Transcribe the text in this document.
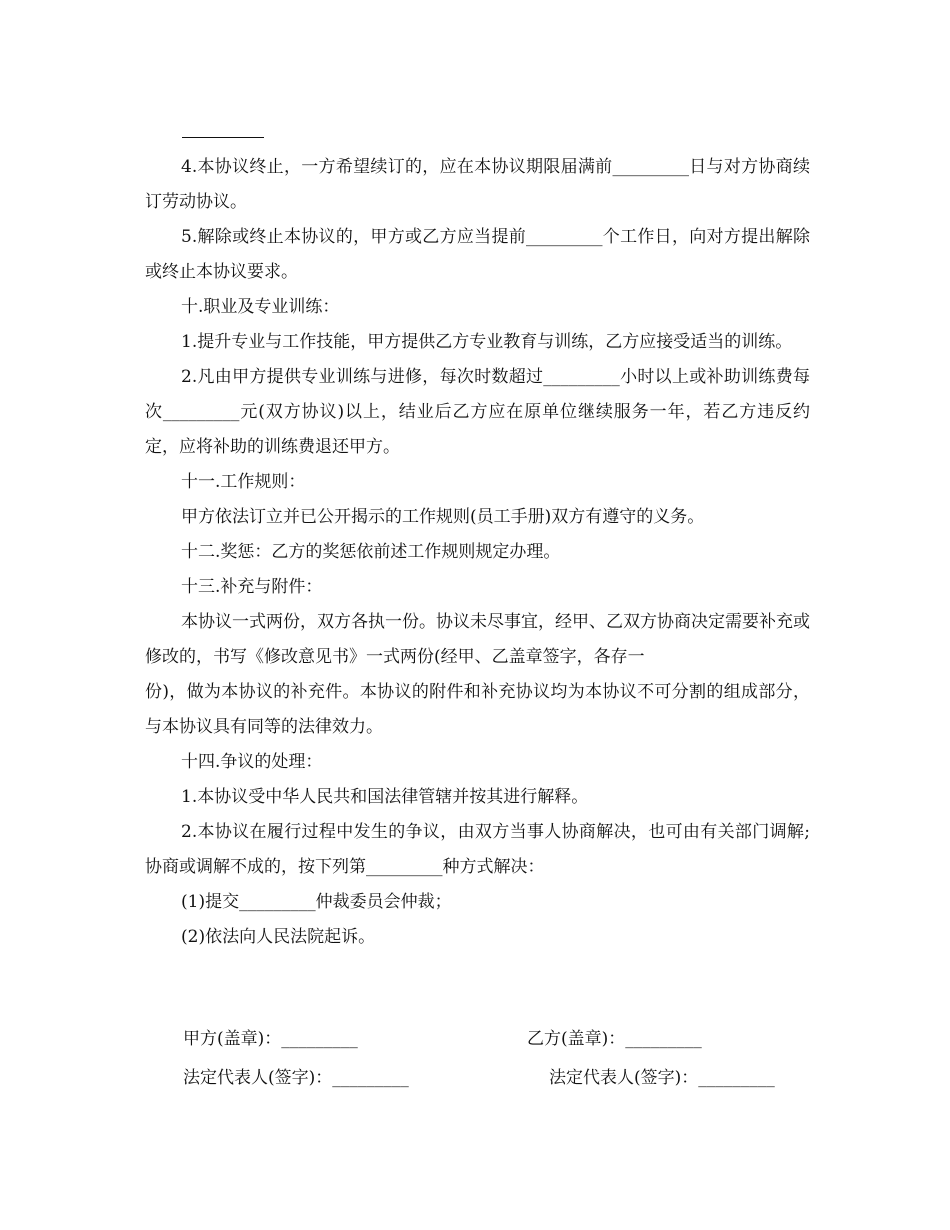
4.本协议终止，一方希望续订的，应在本协议期限届满前_________日与对方协商续订劳动协议。

5.解除或终止本协议的，甲方或乙方应当提前_________个工作日，向对方提出解除或终止本协议要求。

十.职业及专业训练：

1.提升专业与工作技能，甲方提供乙方专业教育与训练，乙方应接受适当的训练。

2.凡由甲方提供专业训练与进修，每次时数超过_________小时以上或补助训练费每次_________元(双方协议)以上，结业后乙方应在原单位继续服务一年，若乙方违反约定，应将补助的训练费退还甲方。

十一.工作规则：

甲方依法订立并已公开揭示的工作规则(员工手册)双方有遵守的义务。

十二.奖惩：乙方的奖惩依前述工作规则规定办理。

十三.补充与附件：

本协议一式两份，双方各执一份。协议未尽事宜，经甲、乙双方协商决定需要补充或修改的，书写《修改意见书》一式两份(经甲、乙盖章签字，各存一

份)，做为本协议的补充件。本协议的附件和补充协议均为本协议不可分割的组成部分，与本协议具有同等的法律效力。

十四.争议的处理：

1.本协议受中华人民共和国法律管辖并按其进行解释。

2.本协议在履行过程中发生的争议，由双方当事人协商解决，也可由有关部门调解;协商或调解不成的，按下列第_________种方式解决：

(1)提交_________仲裁委员会仲裁；

(2)依法向人民法院起诉。

甲方(盖章)：_________	乙方(盖章)：_________
法定代表人(签字)：_________	法定代表人(签字)：_________
